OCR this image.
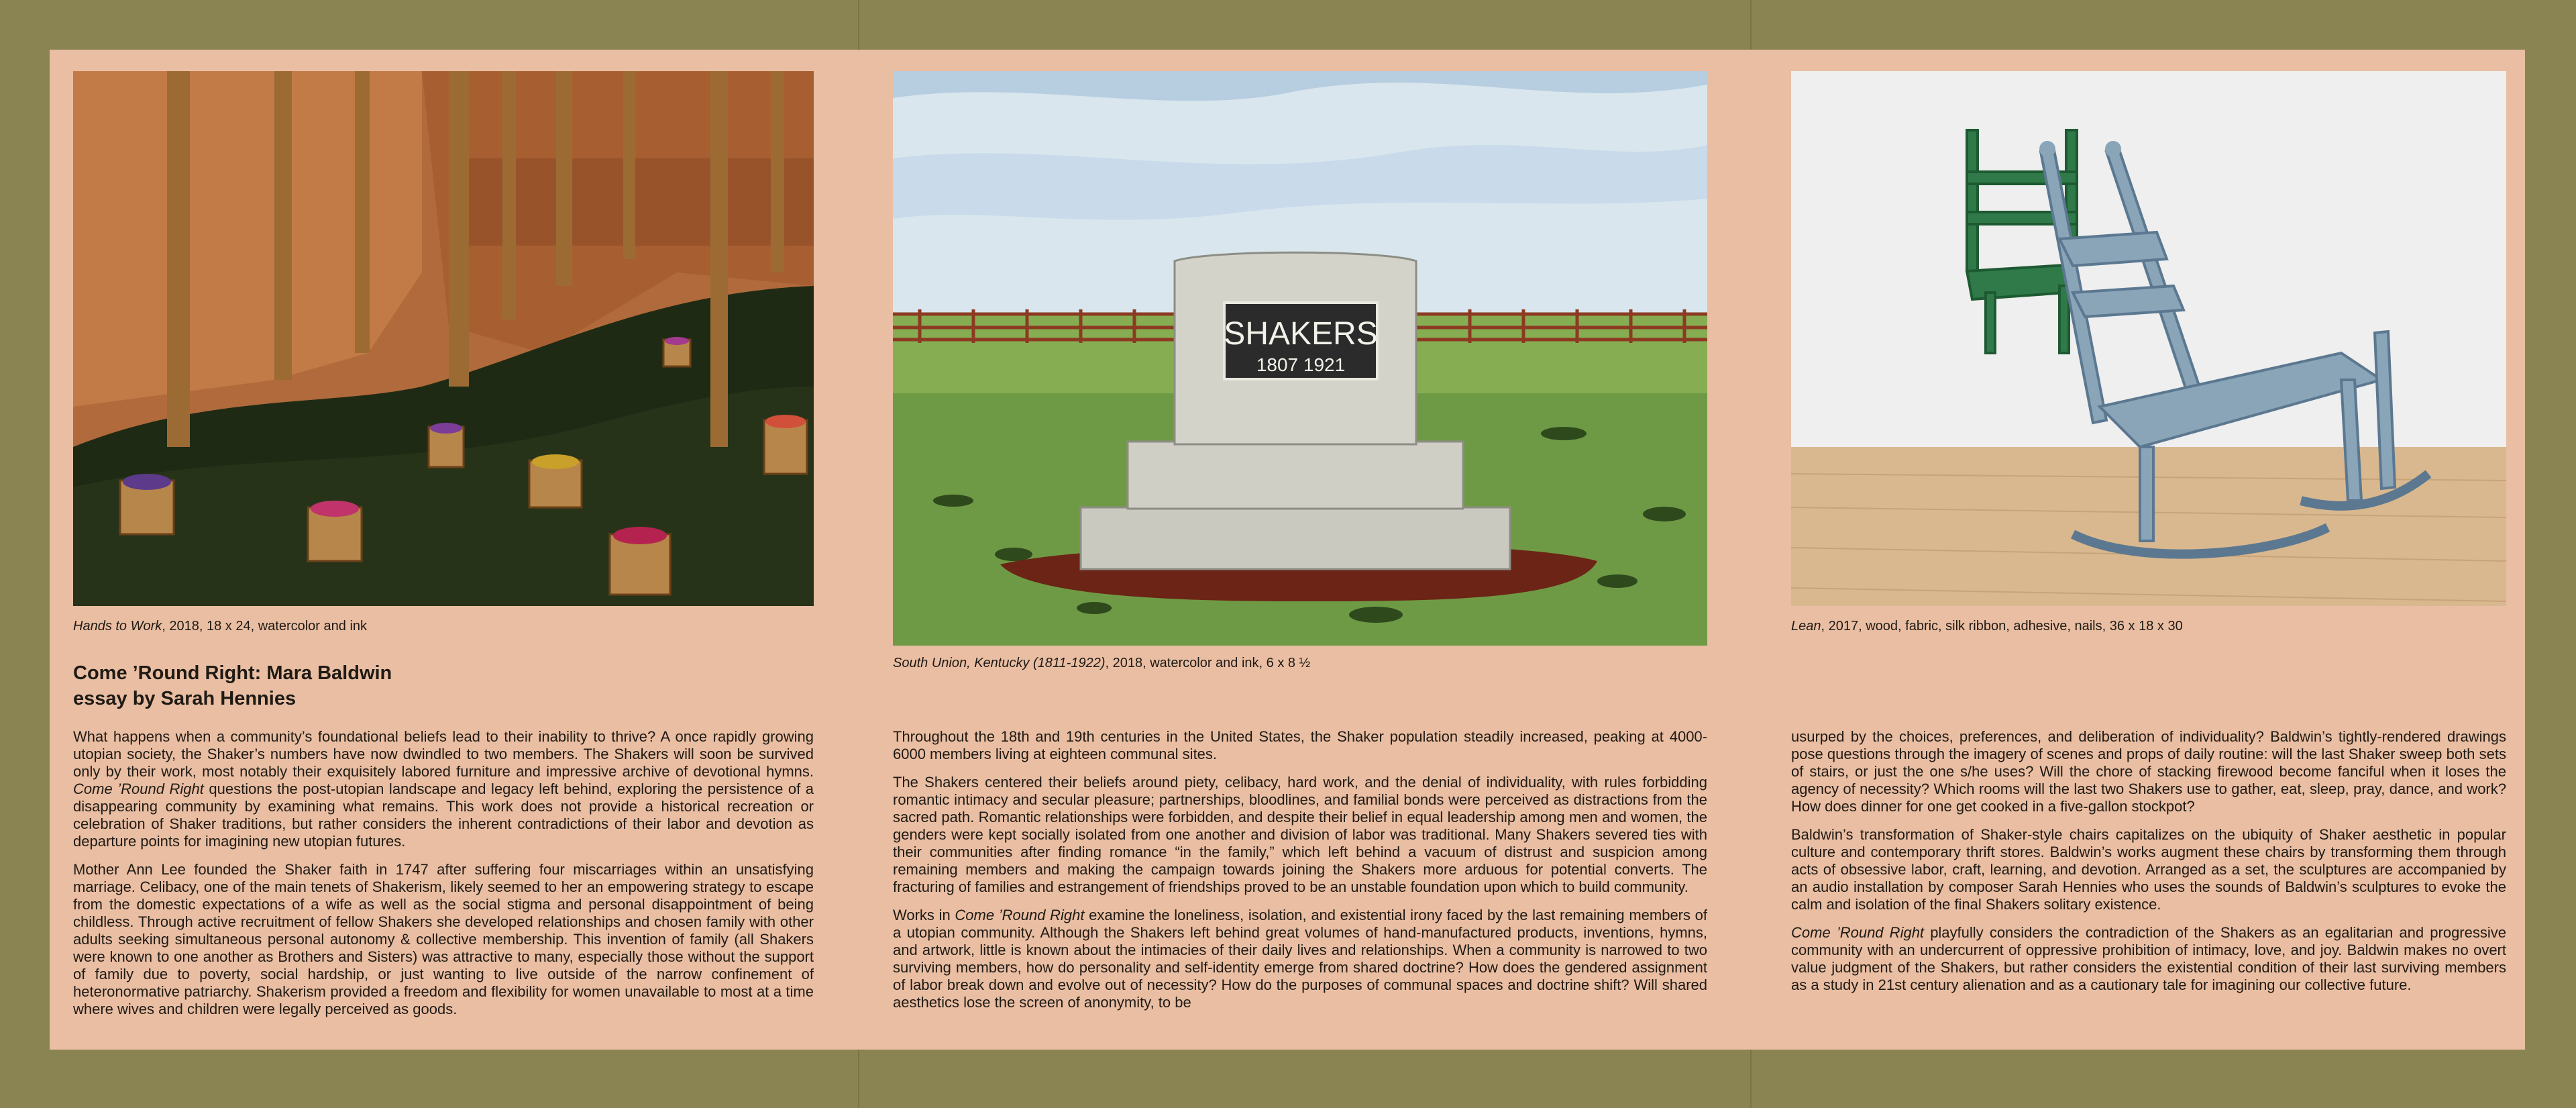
Hands to Work, 2018, 18 x 24, watercolor and ink

SHAKERS
1807 1921

South Union, Kentucky (1811-1922), 2018, watercolor and ink, 6 x 8 ½

Lean, 2017, wood, fabric, silk ribbon, adhesive, nails, 36 x 18 x 30

Come ’Round Right: Mara Baldwin
essay by Sarah Hennies

What happens when a community’s foundational beliefs lead to their inability to thrive? A once rapidly growing utopian society, the Shaker’s numbers have now dwindled to two members. The Shakers will soon be survived only by their work, most notably their exquisitely labored furniture and impressive archive of devotional hymns. Come ’Round Right questions the post-utopian landscape and legacy left behind, exploring the persistence of a disappearing community by examining what remains. This work does not provide a historical recreation or celebration of Shaker traditions, but rather considers the inherent contradictions of their labor and devotion as departure points for imagining new utopian futures.

Mother Ann Lee founded the Shaker faith in 1747 after suffering four miscarriages within an unsatisfying marriage. Celibacy, one of the main tenets of Shakerism, likely seemed to her an empowering strategy to escape from the domestic expectations of a wife as well as the social stigma and personal disappointment of being childless. Through active recruitment of fellow Shakers she developed relationships and chosen family with other adults seeking simultaneous personal autonomy & collective membership. This invention of family (all Shakers were known to one another as Brothers and Sisters) was attractive to many, especially those without the support of family due to poverty, social hardship, or just wanting to live outside of the narrow confinement of heteronormative patriarchy. Shakerism provided a freedom and flexibility for women unavailable to most at a time where wives and children were legally perceived as goods.

Throughout the 18th and 19th centuries in the United States, the Shaker population steadily increased, peaking at 4000-6000 members living at eighteen communal sites.

The Shakers centered their beliefs around piety, celibacy, hard work, and the denial of individuality, with rules forbidding romantic intimacy and secular pleasure; partnerships, bloodlines, and familial bonds were perceived as distractions from the sacred path. Romantic relationships were forbidden, and despite their belief in equal leadership among men and women, the genders were kept socially isolated from one another and division of labor was traditional. Many Shakers severed ties with their communities after finding romance “in the family,” which left behind a vacuum of distrust and suspicion among remaining members and making the campaign towards joining the Shakers more arduous for potential converts. The fracturing of families and estrangement of friendships proved to be an unstable foundation upon which to build community.

Works in Come ’Round Right examine the loneliness, isolation, and existential irony faced by the last remaining members of a utopian community. Although the Shakers left behind great volumes of hand-manufactured products, inventions, hymns, and artwork, little is known about the intimacies of their daily lives and relationships. When a community is narrowed to two surviving members, how do personality and self-identity emerge from shared doctrine? How does the gendered assignment of labor break down and evolve out of necessity? How do the purposes of communal spaces and doctrine shift? Will shared aesthetics lose the screen of anonymity, to be

usurped by the choices, preferences, and deliberation of individuality? Baldwin’s tightly-rendered drawings pose questions through the imagery of scenes and props of daily routine: will the last Shaker sweep both sets of stairs, or just the one s/he uses? Will the chore of stacking firewood become fanciful when it loses the agency of necessity? Which rooms will the last two Shakers use to gather, eat, sleep, pray, dance, and work? How does dinner for one get cooked in a five-gallon stockpot?

Baldwin’s transformation of Shaker-style chairs capitalizes on the ubiquity of Shaker aesthetic in popular culture and contemporary thrift stores. Baldwin’s works augment these chairs by transforming them through acts of obsessive labor, craft, learning, and devotion. Arranged as a set, the sculptures are accompanied by an audio installation by composer Sarah Hennies who uses the sounds of Baldwin’s sculptures to evoke the calm and isolation of the final Shakers solitary existence.

Come ’Round Right playfully considers the contradiction of the Shakers as an egalitarian and progressive community with an undercurrent of oppressive prohibition of intimacy, love, and joy. Baldwin makes no overt value judgment of the Shakers, but rather considers the existential condition of their last surviving members as a study in 21st century alienation and as a cautionary tale for imagining our collective future.
